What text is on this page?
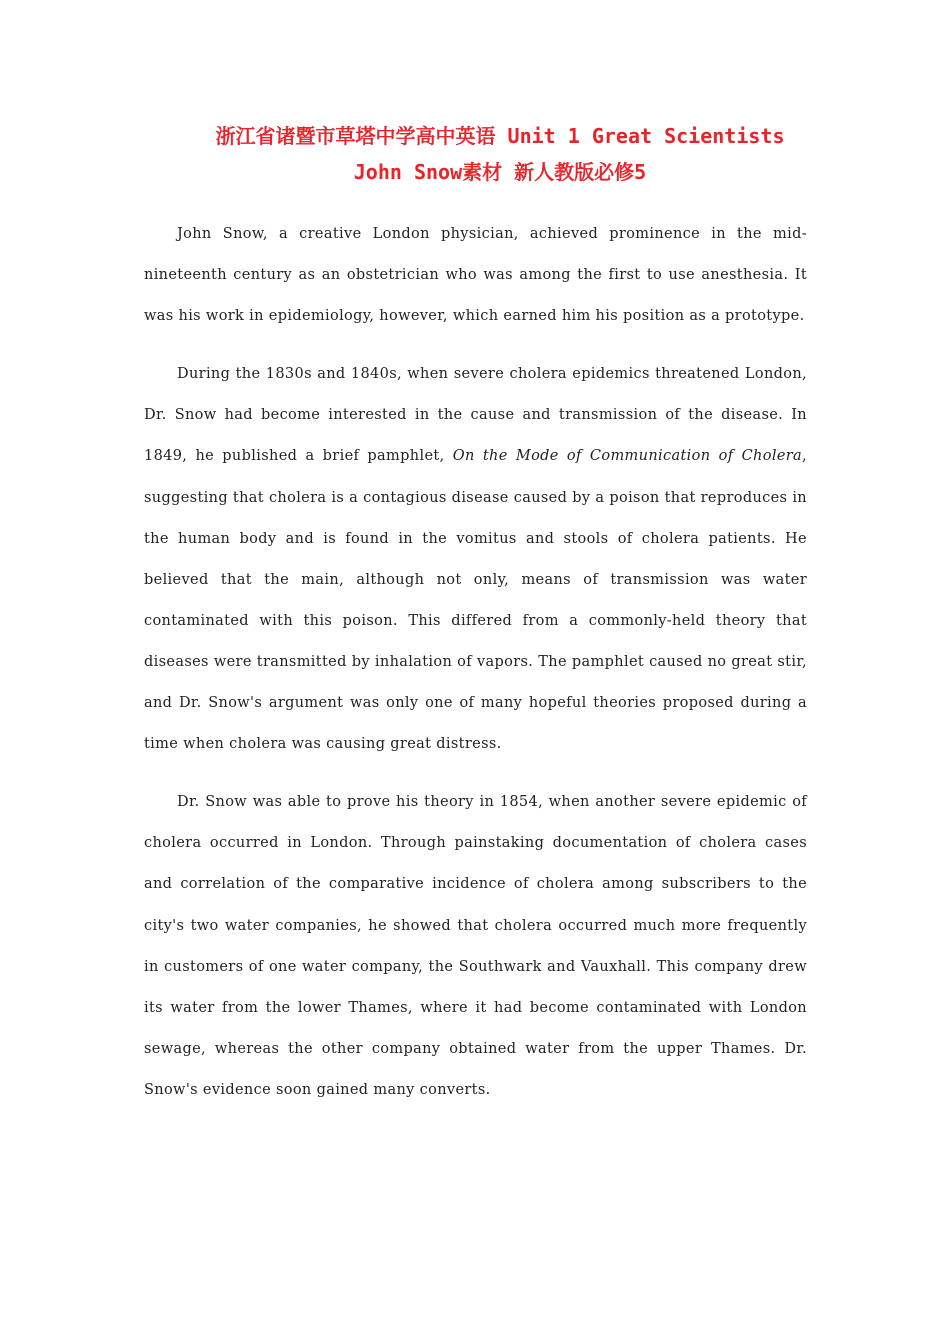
浙江省诸暨市草塔中学高中英语 Unit 1 Great Scientists
John Snow素材 新人教版必修5

John Snow, a creative London physician, achieved prominence in the mid-nineteenth century as an obstetrician who was among the first to use anesthesia. It was his work in epidemiology, however, which earned him his position as a prototype.

During the 1830s and 1840s, when severe cholera epidemics threatened London, Dr. Snow had become interested in the cause and transmission of the disease. In 1849, he published a brief pamphlet, On the Mode of Communication of Cholera, suggesting that cholera is a contagious disease caused by a poison that reproduces in the human body and is found in the vomitus and stools of cholera patients. He believed that the main, although not only, means of transmission was water contaminated with this poison. This differed from a commonly-held theory that diseases were transmitted by inhalation of vapors. The pamphlet caused no great stir, and Dr. Snow's argument was only one of many hopeful theories proposed during a time when cholera was causing great distress.

Dr. Snow was able to prove his theory in 1854, when another severe epidemic of cholera occurred in London. Through painstaking documentation of cholera cases and correlation of the comparative incidence of cholera among subscribers to the city's two water companies, he showed that cholera occurred much more frequently in customers of one water company, the Southwark and Vauxhall. This company drew its water from the lower Thames, where it had become contaminated with London sewage, whereas the other company obtained water from the upper Thames. Dr. Snow's evidence soon gained many converts.
